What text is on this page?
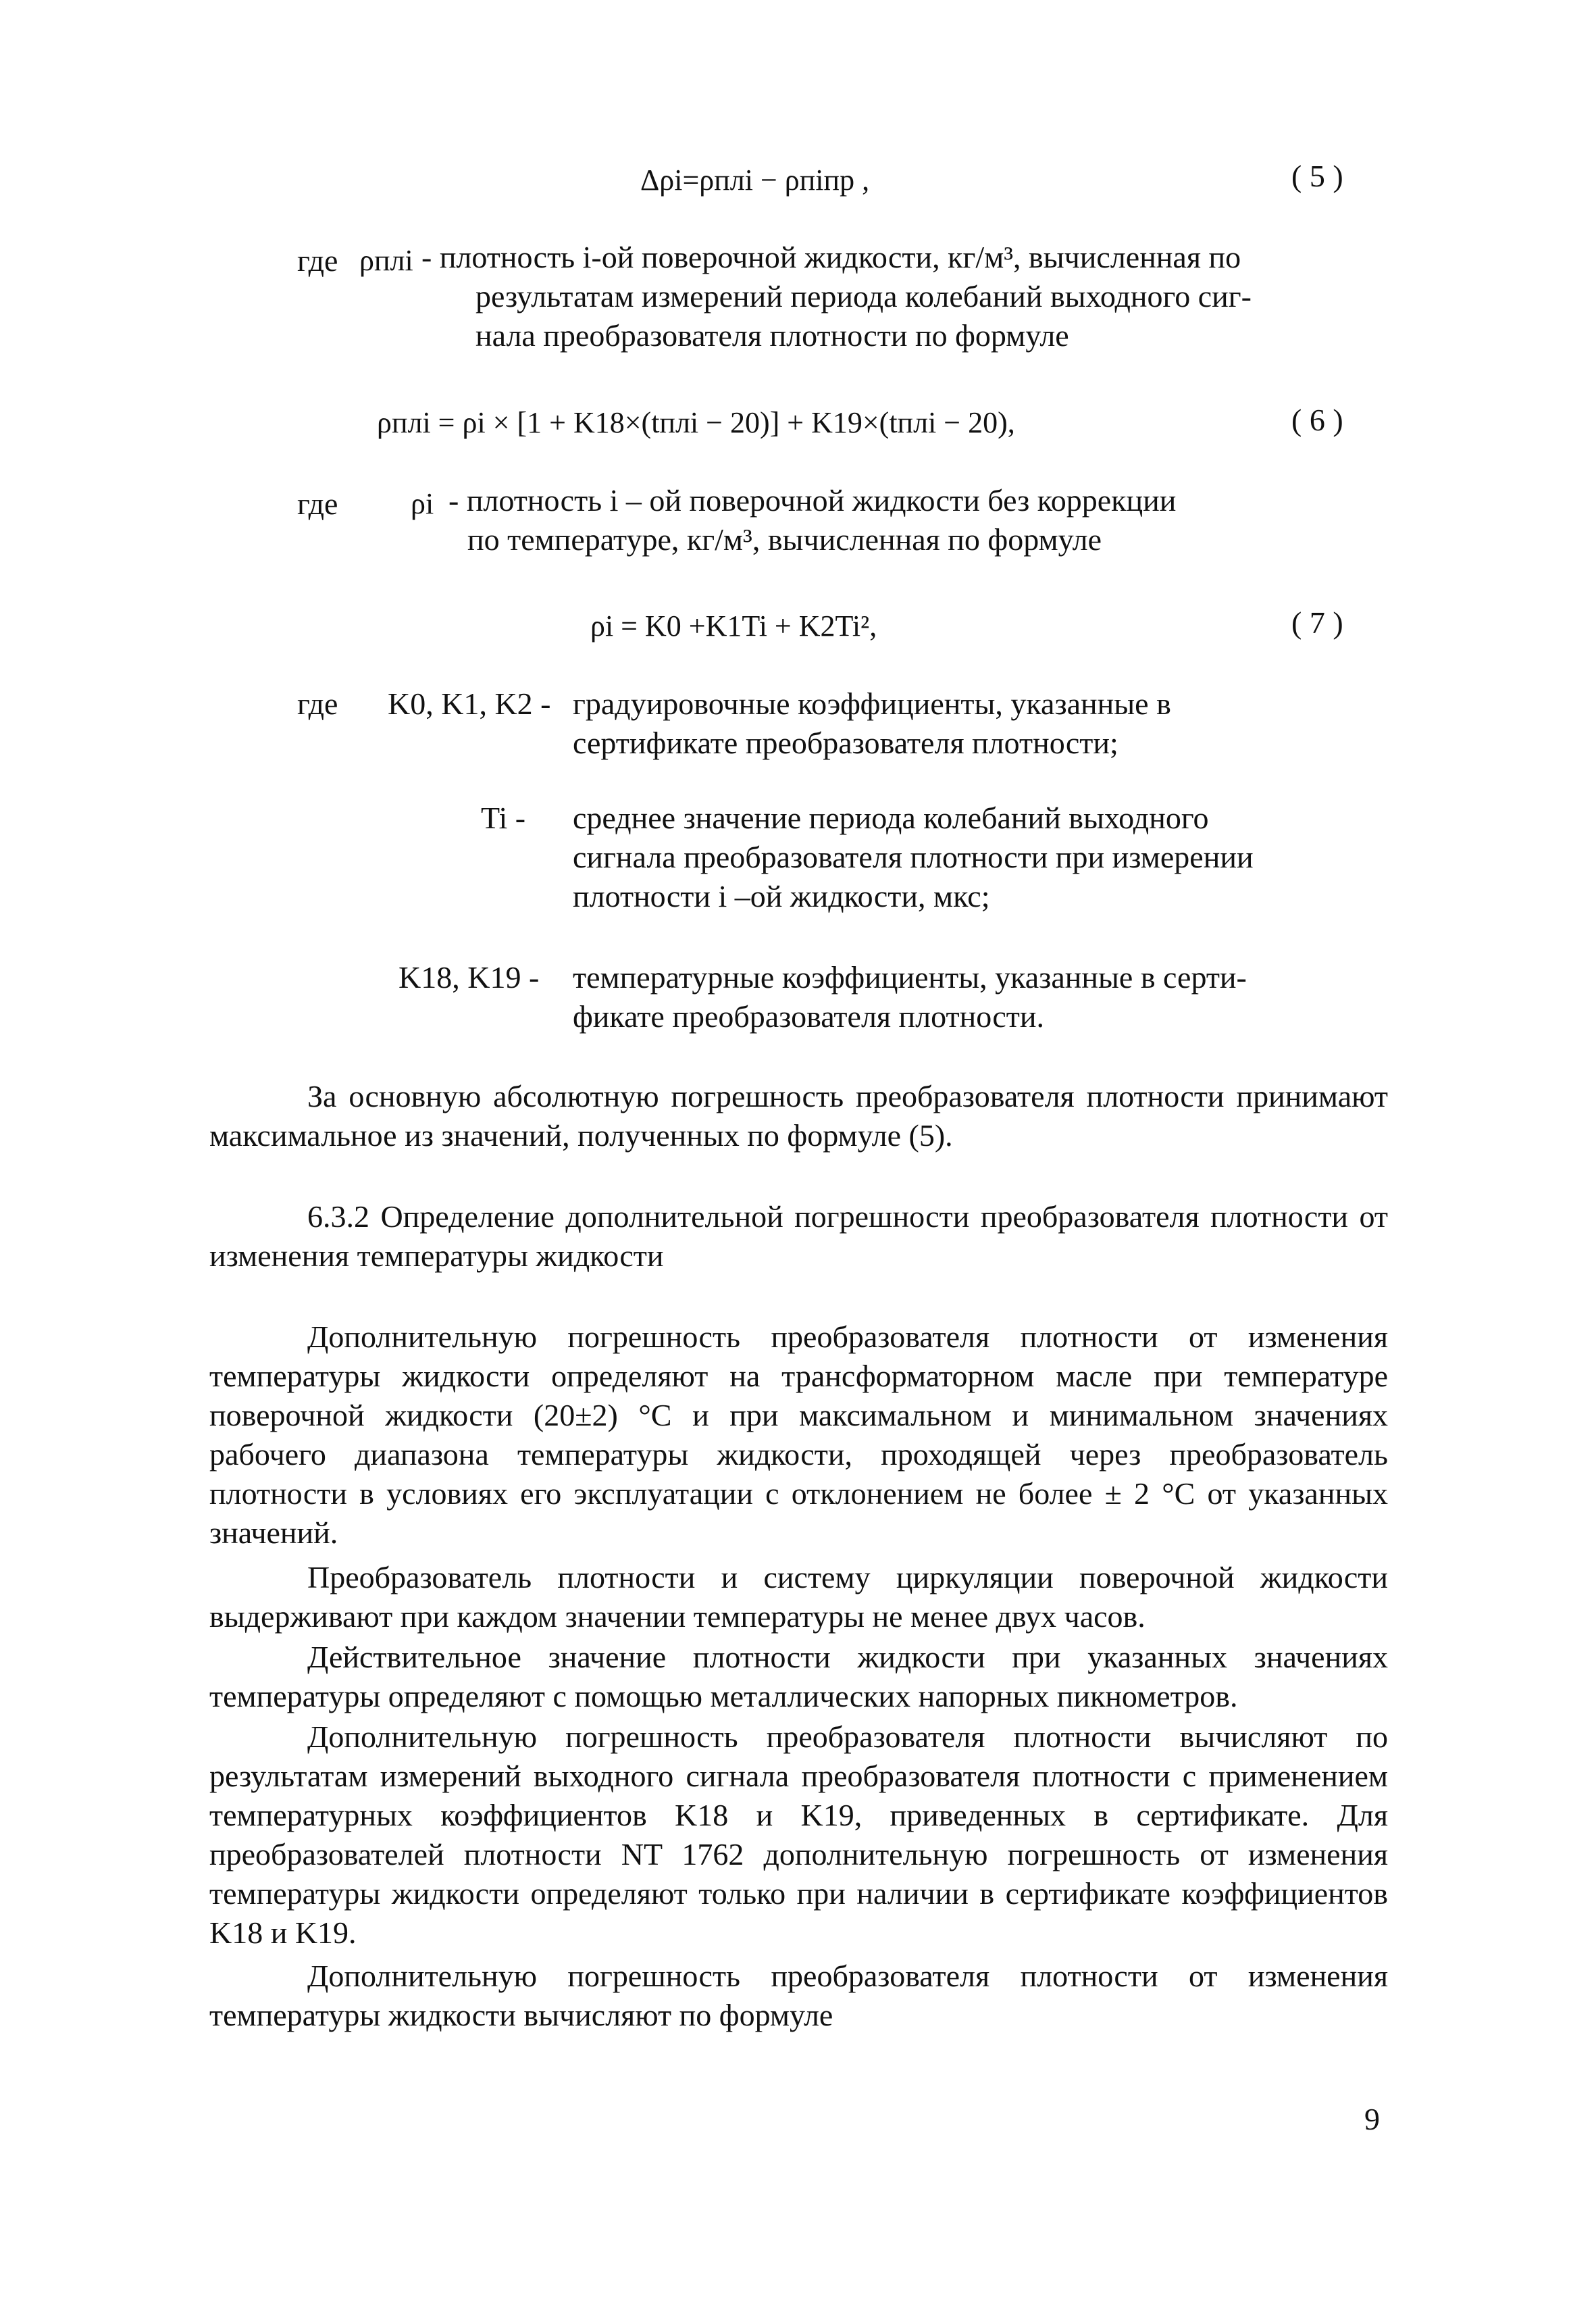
Δρi=ρплi − ρпiпр ,	( 5 )
где ρплi - плотность i-ой поверочной жидкости, кг/м³, вычисленная по
результатам измерений периода колебаний выходного сиг-
нала преобразователя плотности по формуле
ρплi = ρi × [1 + K18×(tплi − 20)] + K19×(tплi − 20),	( 6 )
где ρi - плотность i – ой поверочной жидкости без коррекции
по температуре, кг/м³, вычисленная по формуле
ρi = K0 +K1Ti + K2Ti²,	( 7 )
где K0, K1, K2 - градуировочные коэффициенты, указанные в
сертификате преобразователя плотности;
Ti - среднее значение периода колебаний выходного
сигнала преобразователя плотности при измерении
плотности i –ой жидкости, мкс;
K18, K19 - температурные коэффициенты, указанные в серти-
фикате преобразователя плотности.
За основную абсолютную погрешность преобразователя плотности принимают максимальное из значений, полученных по формуле (5).
6.3.2 Определение дополнительной погрешности преобразователя плотности от изменения температуры жидкости
Дополнительную погрешность преобразователя плотности от изменения температуры жидкости определяют на трансформаторном масле при температуре поверочной жидкости (20±2) °С и при максимальном и минимальном значениях рабочего диапазона температуры жидкости, проходящей через преобразователь плотности в условиях его эксплуатации с отклонением не более ± 2 °С от указанных значений.
Преобразователь плотности и систему циркуляции поверочной жидкости выдерживают при каждом значении температуры не менее двух часов.
Действительное значение плотности жидкости при указанных значениях температуры определяют с помощью металлических напорных пикнометров.
Дополнительную погрешность преобразователя плотности вычисляют по результатам измерений выходного сигнала преобразователя плотности с применением температурных коэффициентов K18 и K19, приведенных в сертификате. Для преобразователей плотности NT 1762 дополнительную погрешность от изменения температуры жидкости определяют только при наличии в сертификате коэффициентов K18 и K19.
Дополнительную погрешность преобразователя плотности от изменения температуры жидкости вычисляют по формуле
9
